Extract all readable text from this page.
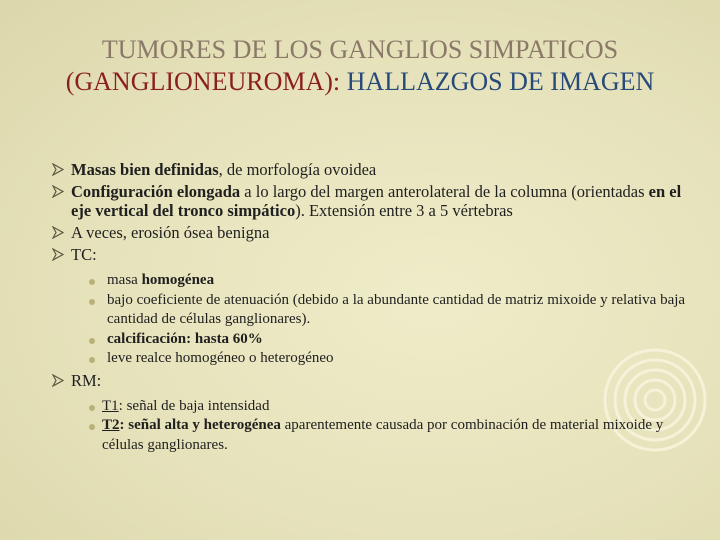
TUMORES DE LOS GANGLIOS SIMPATICOS
(GANGLIONEUROMA): HALLAZGOS DE IMAGEN
Masas bien definidas, de morfología ovoidea
Configuración elongada a lo largo del margen anterolateral de la columna (orientadas en el eje vertical del tronco simpático). Extensión entre 3 a 5 vértebras
A veces, erosión ósea benigna
TC:
masa homogénea
bajo coeficiente de atenuación (debido a la abundante cantidad de matriz mixoide y relativa baja cantidad de células ganglionares).
calcificación: hasta 60%
leve realce homogéneo o heterogéneo
RM:
T1: señal de baja intensidad
T2: señal alta y heterogénea aparentemente causada por combinación de material mixoide y células ganglionares.
